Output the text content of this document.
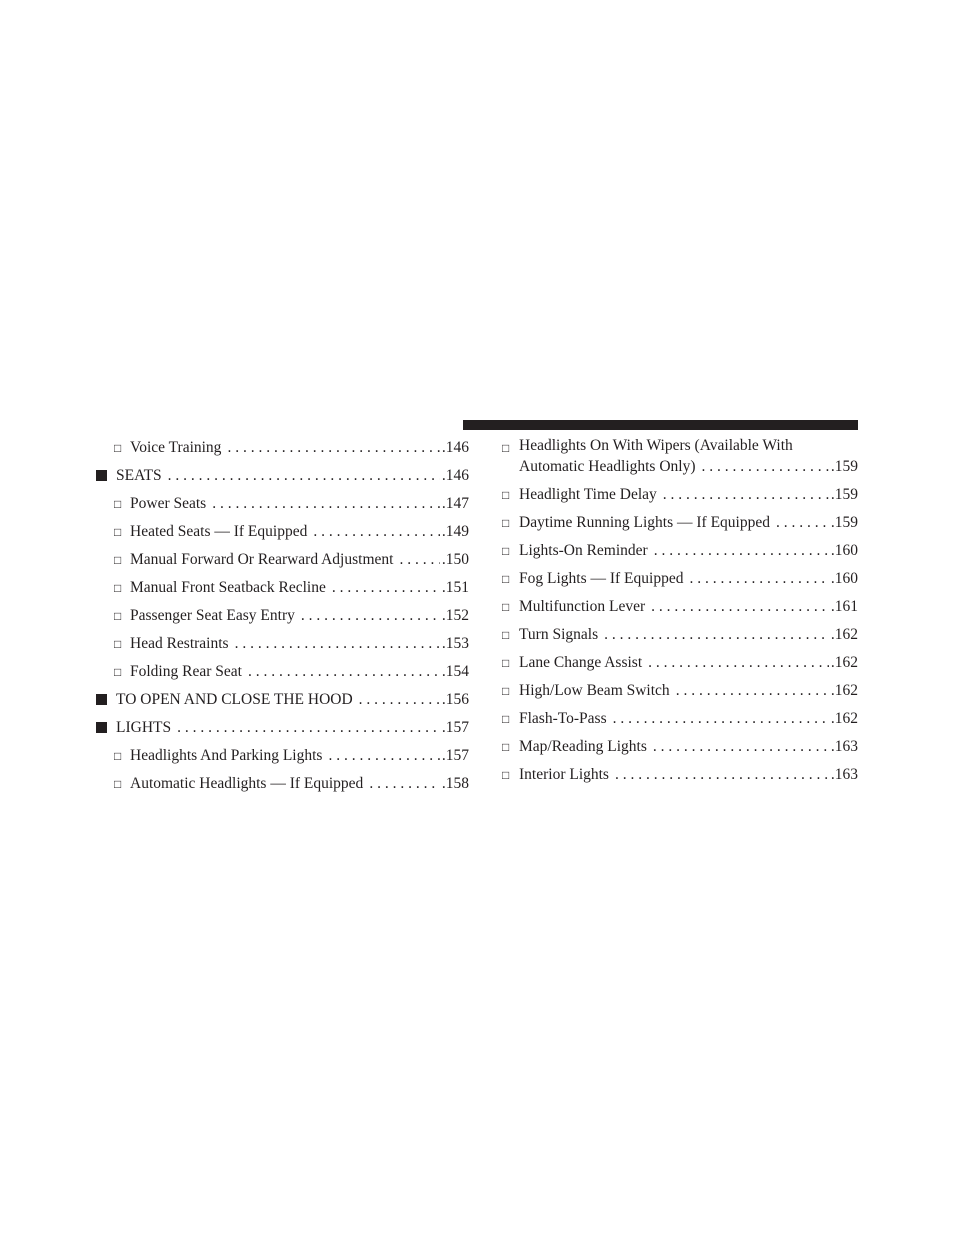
□ Voice Training . . .	.146
SEATS . . .	.146
□ Power Seats . . .	.147
□ Heated Seats — If Equipped . . .	.149
□ Manual Forward Or Rearward Adjustment . . .	.150
□ Manual Front Seatback Recline . . .	.151
□ Passenger Seat Easy Entry . . .	.152
□ Head Restraints . . .	.153
□ Folding Rear Seat . . .	.154
TO OPEN AND CLOSE THE HOOD . . .	.156
LIGHTS . . .	.157
□ Headlights And Parking Lights . . .	.157
□ Automatic Headlights — If Equipped . . .	.158
□ Headlights On With Wipers (Available With
Automatic Headlights Only) . . .	.159
□ Headlight Time Delay . . .	.159
□ Daytime Running Lights — If Equipped . . .	.159
□ Lights-On Reminder . . .	.160
□ Fog Lights — If Equipped . . .	.160
□ Multifunction Lever . . .	.161
□ Turn Signals . . .	.162
□ Lane Change Assist . . .	.162
□ High/Low Beam Switch . . .	.162
□ Flash-To-Pass . . .	.162
□ Map/Reading Lights . . .	.163
□ Interior Lights . . .	.163
